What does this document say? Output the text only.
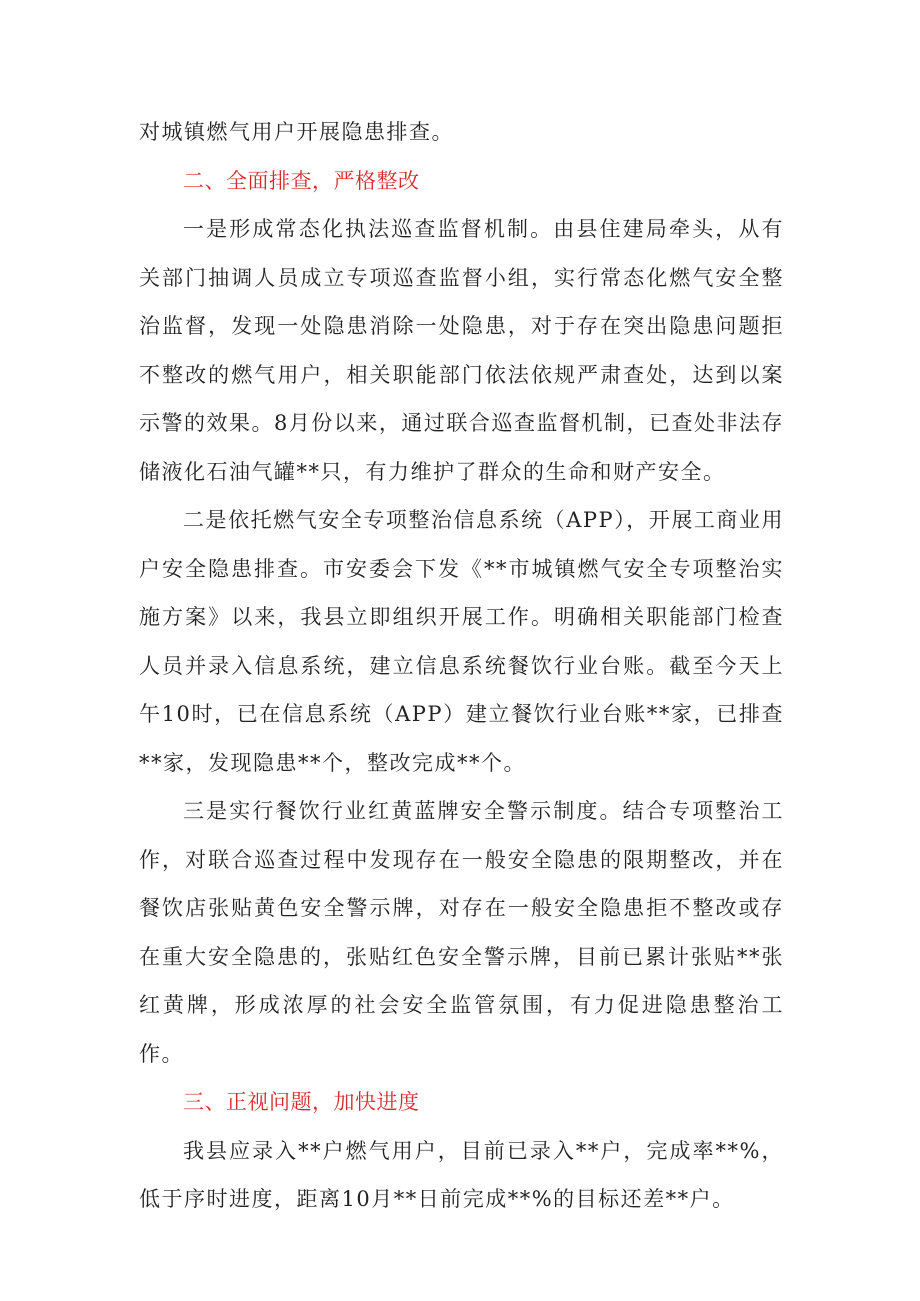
对城镇燃气用户开展隐患排查。

二、全面排查，严格整改

一是形成常态化执法巡查监督机制。由县住建局牵头，从有关部门抽调人员成立专项巡查监督小组，实行常态化燃气安全整治监督，发现一处隐患消除一处隐患，对于存在突出隐患问题拒不整改的燃气用户，相关职能部门依法依规严肃查处，达到以案示警的效果。8月份以来，通过联合巡查监督机制，已查处非法存储液化石油气罐**只，有力维护了群众的生命和财产安全。

二是依托燃气安全专项整治信息系统（APP），开展工商业用户安全隐患排查。市安委会下发《**市城镇燃气安全专项整治实施方案》以来，我县立即组织开展工作。明确相关职能部门检查人员并录入信息系统，建立信息系统餐饮行业台账。截至今天上午10时，已在信息系统（APP）建立餐饮行业台账**家，已排查**家，发现隐患**个，整改完成**个。

三是实行餐饮行业红黄蓝牌安全警示制度。结合专项整治工作，对联合巡查过程中发现存在一般安全隐患的限期整改，并在餐饮店张贴黄色安全警示牌，对存在一般安全隐患拒不整改或存在重大安全隐患的，张贴红色安全警示牌，目前已累计张贴**张红黄牌，形成浓厚的社会安全监管氛围，有力促进隐患整治工作。

三、正视问题，加快进度

我县应录入**户燃气用户，目前已录入**户，完成率**%，低于序时进度，距离10月**日前完成**%的目标还差**户。
